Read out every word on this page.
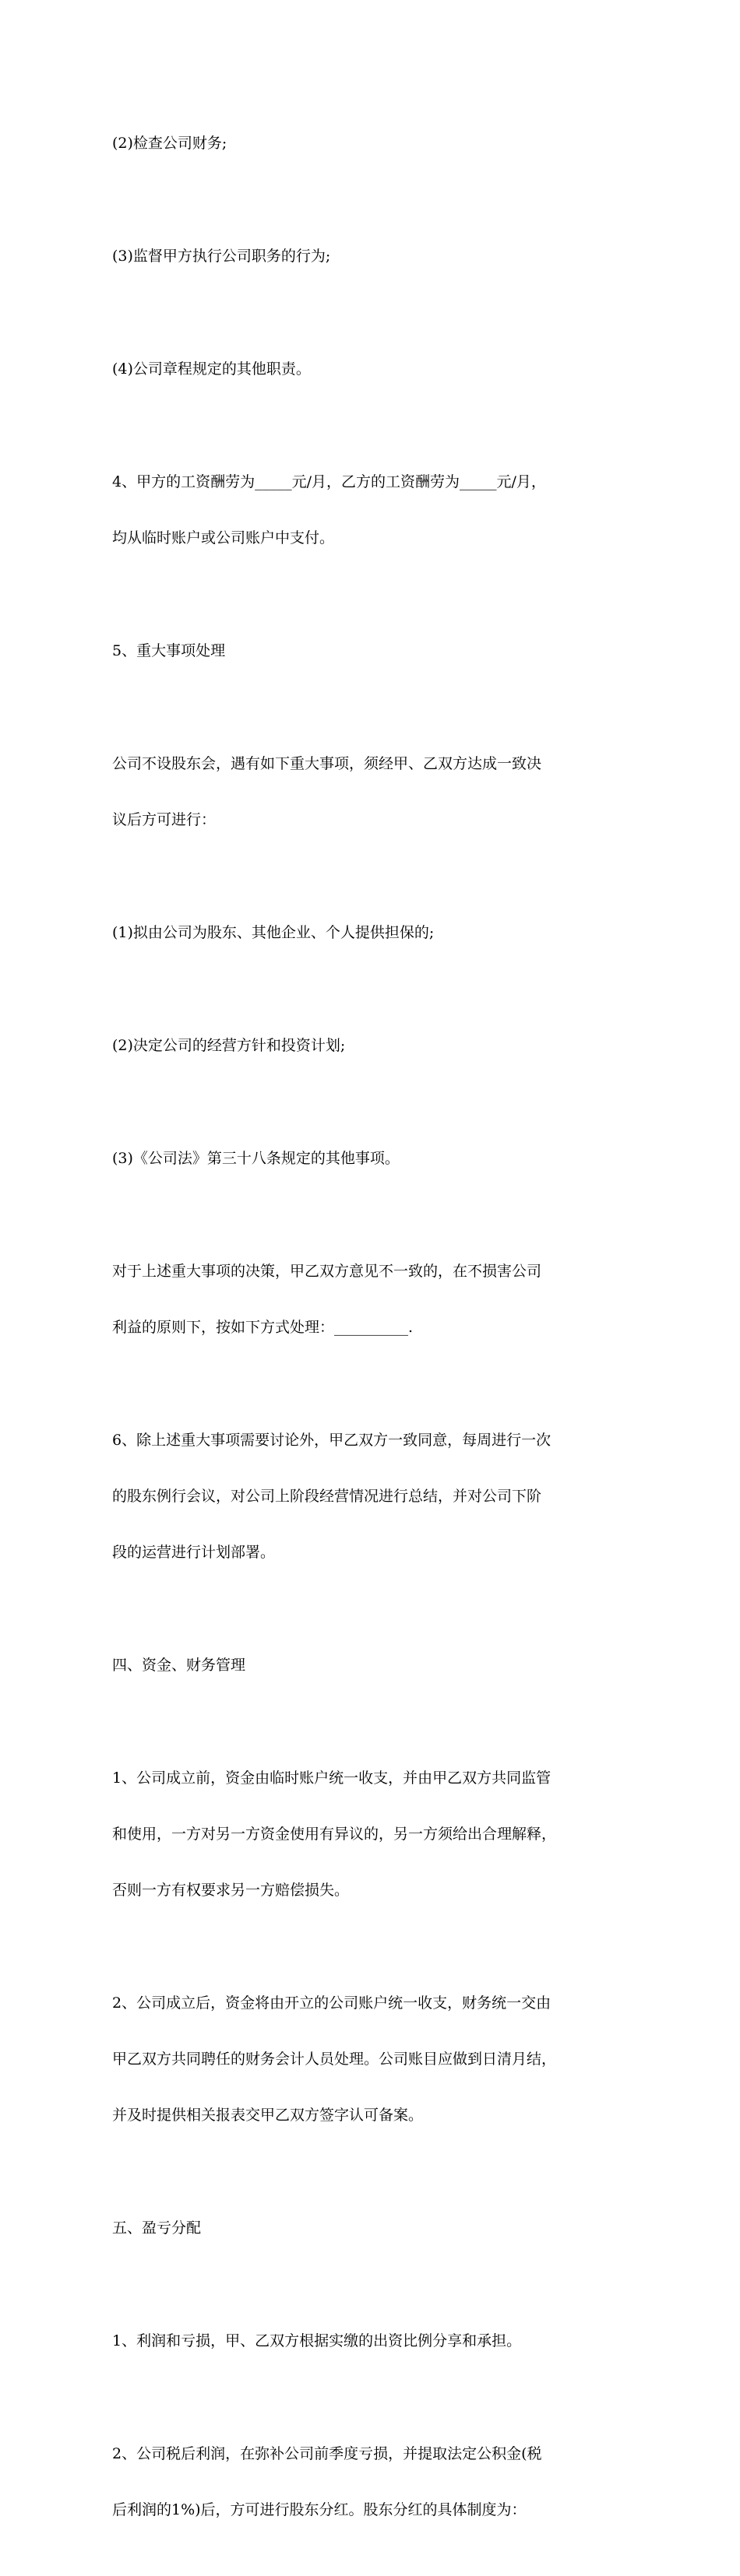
(2)检查公司财务;

(3)监督甲方执行公司职务的行为;

(4)公司章程规定的其他职责。

4、甲方的工资酬劳为_____元/月，乙方的工资酬劳为_____元/月，

均从临时账户或公司账户中支付。

5、重大事项处理

公司不设股东会，遇有如下重大事项，须经甲、乙双方达成一致决

议后方可进行：

(1)拟由公司为股东、其他企业、个人提供担保的;

(2)决定公司的经营方针和投资计划;

(3)《公司法》第三十八条规定的其他事项。

对于上述重大事项的决策，甲乙双方意见不一致的，在不损害公司

利益的原则下，按如下方式处理：__________.

6、除上述重大事项需要讨论外，甲乙双方一致同意，每周进行一次

的股东例行会议，对公司上阶段经营情况进行总结，并对公司下阶

段的运营进行计划部署。

四、资金、财务管理

1、公司成立前，资金由临时账户统一收支，并由甲乙双方共同监管

和使用，一方对另一方资金使用有异议的，另一方须给出合理解释，

否则一方有权要求另一方赔偿损失。

2、公司成立后，资金将由开立的公司账户统一收支，财务统一交由

甲乙双方共同聘任的财务会计人员处理。公司账目应做到日清月结，

并及时提供相关报表交甲乙双方签字认可备案。

五、盈亏分配

1、利润和亏损，甲、乙双方根据实缴的出资比例分享和承担。

2、公司税后利润，在弥补公司前季度亏损，并提取法定公积金(税

后利润的1%)后，方可进行股东分红。股东分红的具体制度为：
